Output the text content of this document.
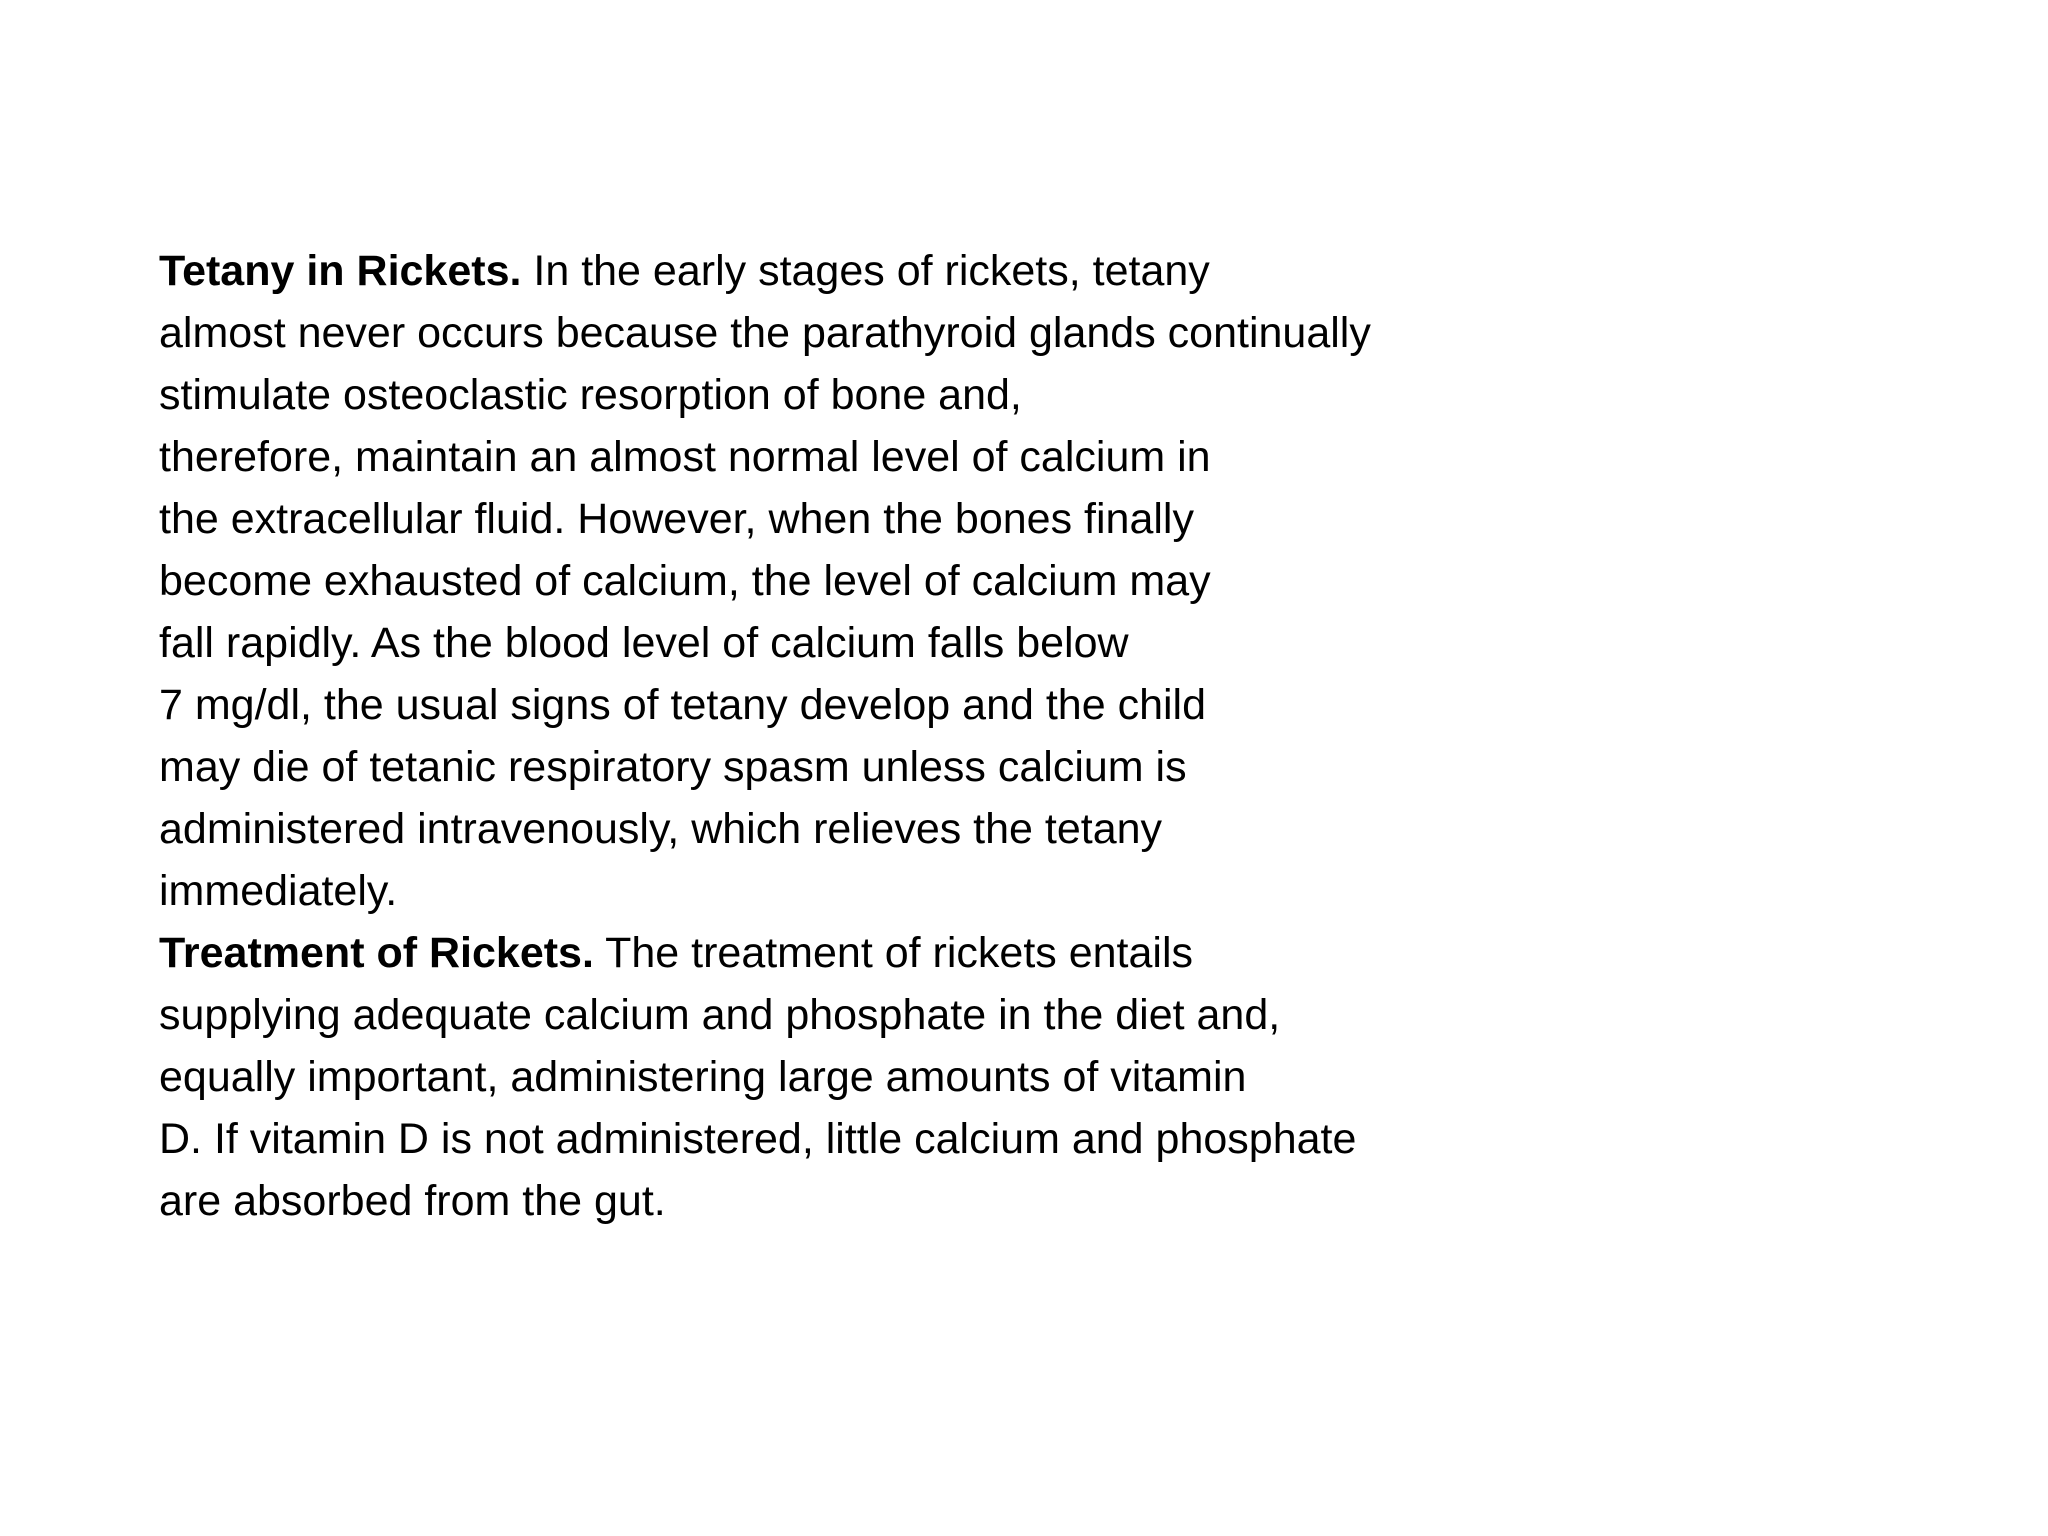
Tetany in Rickets. In the early stages of rickets, tetany
almost never occurs because the parathyroid glands continually
stimulate osteoclastic resorption of bone and,
therefore, maintain an almost normal level of calcium in
the extracellular fluid. However, when the bones finally
become exhausted of calcium, the level of calcium may
fall rapidly. As the blood level of calcium falls below
7 mg/dl, the usual signs of tetany develop and the child
may die of tetanic respiratory spasm unless calcium is
administered intravenously, which relieves the tetany
immediately.
Treatment of Rickets. The treatment of rickets entails
supplying adequate calcium and phosphate in the diet and,
equally important, administering large amounts of vitamin
D. If vitamin D is not administered, little calcium and phosphate
are absorbed from the gut.
